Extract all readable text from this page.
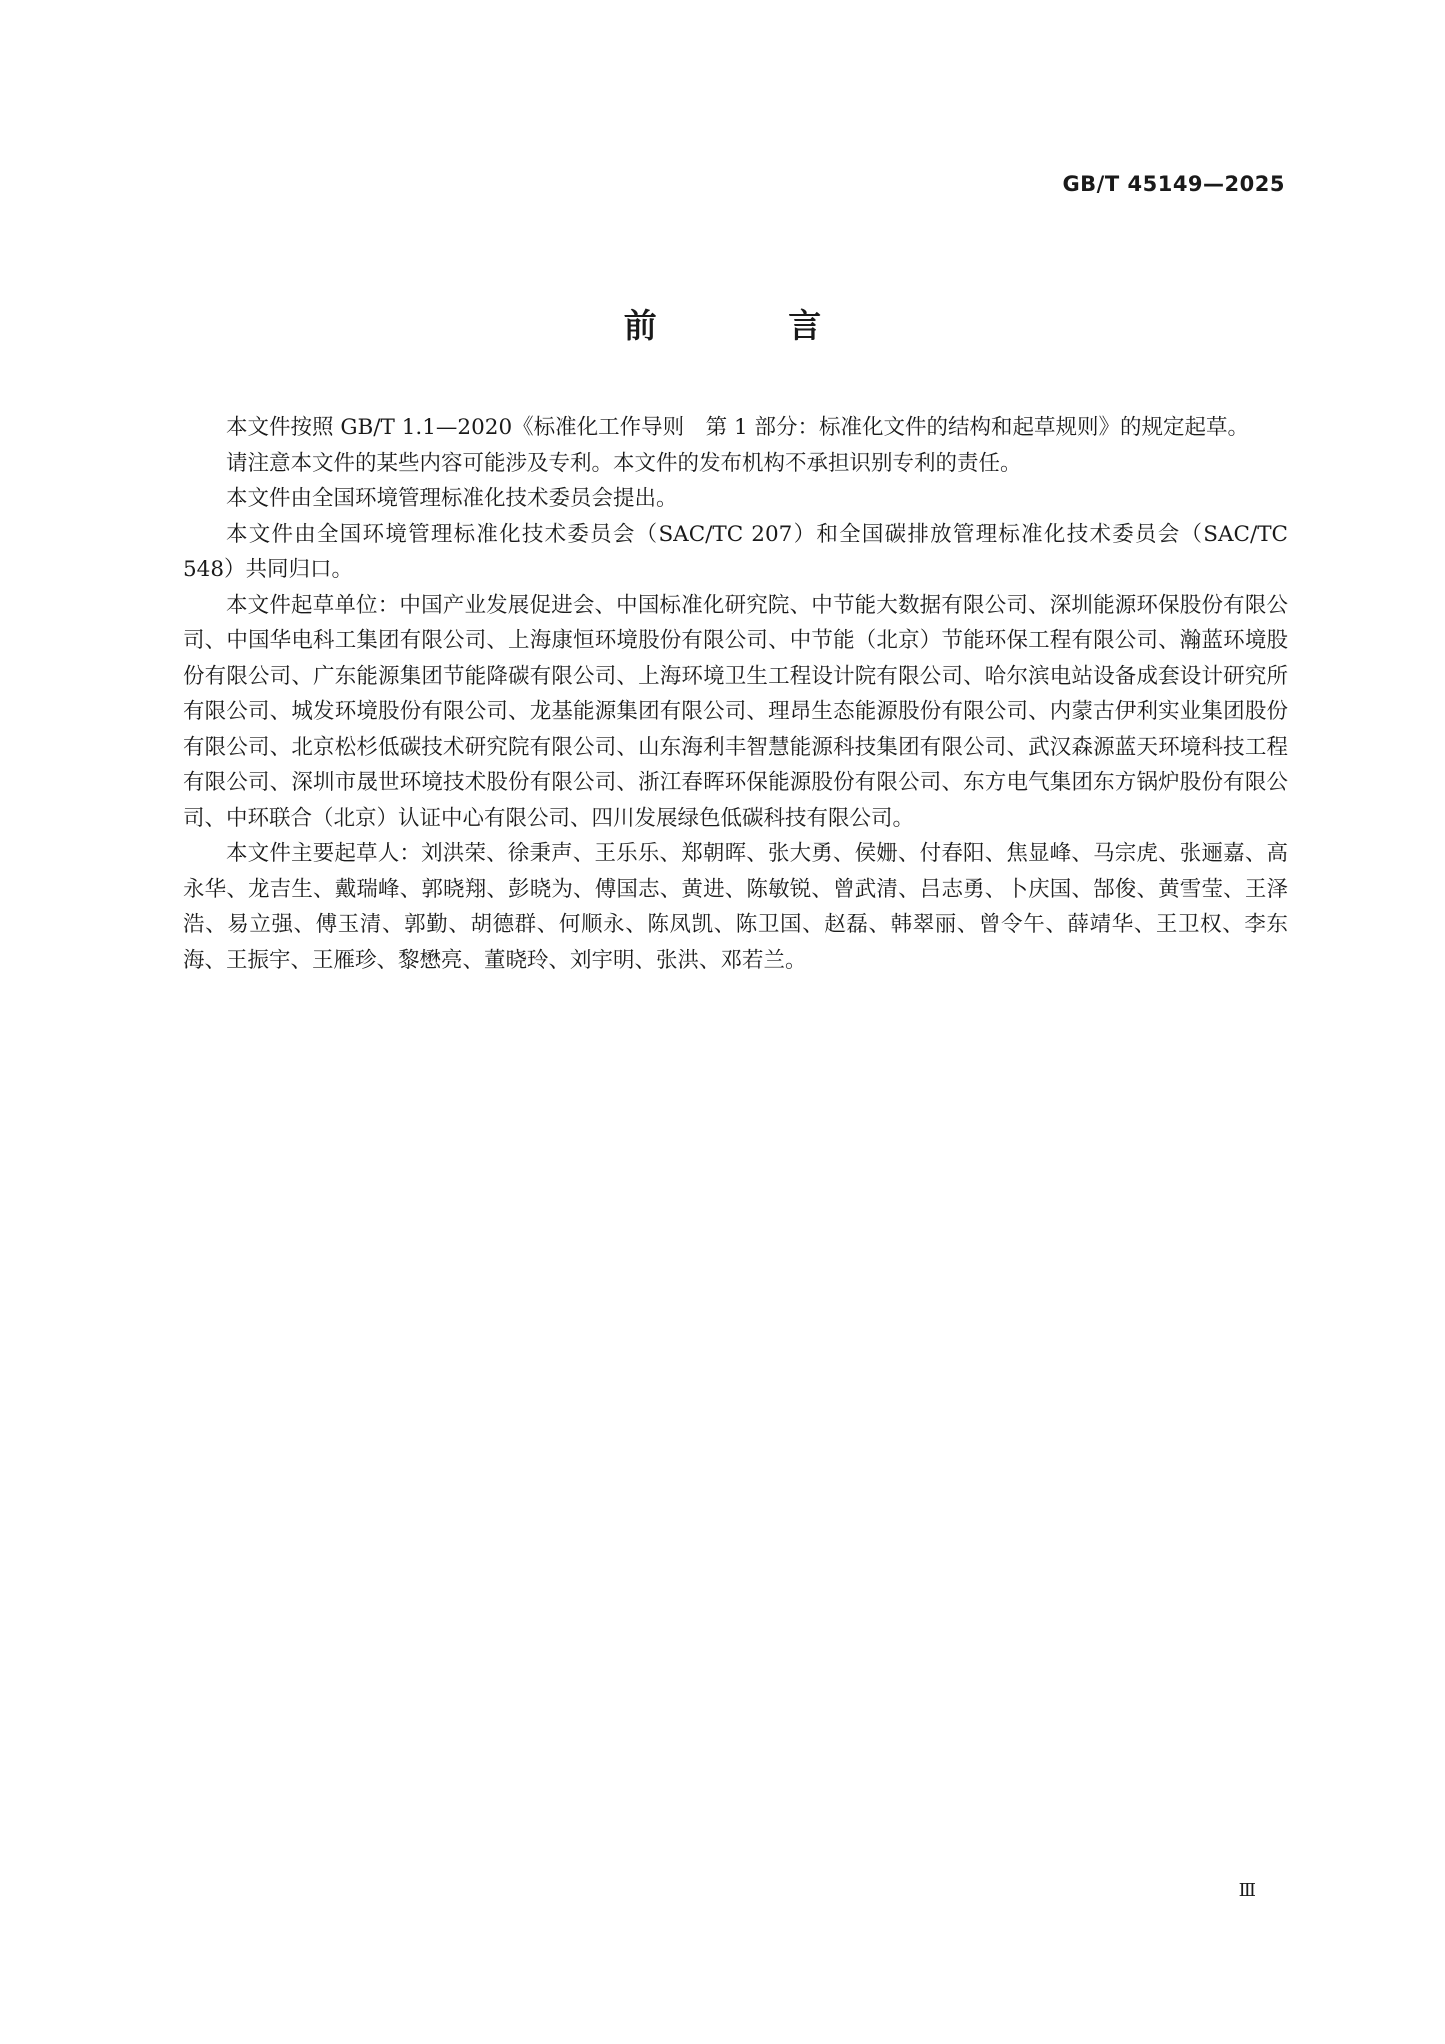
GB/T 45149—2025
前 言

本文件按照 GB/T 1.1—2020《标准化工作导则　第 1 部分：标准化文件的结构和起草规则》的规定起草。

请注意本文件的某些内容可能涉及专利。本文件的发布机构不承担识别专利的责任。

本文件由全国环境管理标准化技术委员会提出。

本文件由全国环境管理标准化技术委员会（SAC/TC 207）和全国碳排放管理标准化技术委员会（SAC/TC 548）共同归口。

本文件起草单位：中国产业发展促进会、中国标准化研究院、中节能大数据有限公司、深圳能源环保股份有限公司、中国华电科工集团有限公司、上海康恒环境股份有限公司、中节能（北京）节能环保工程有限公司、瀚蓝环境股份有限公司、广东能源集团节能降碳有限公司、上海环境卫生工程设计院有限公司、哈尔滨电站设备成套设计研究所有限公司、城发环境股份有限公司、龙基能源集团有限公司、理昂生态能源股份有限公司、内蒙古伊利实业集团股份有限公司、北京松杉低碳技术研究院有限公司、山东海利丰智慧能源科技集团有限公司、武汉森源蓝天环境科技工程有限公司、深圳市晟世环境技术股份有限公司、浙江春晖环保能源股份有限公司、东方电气集团东方锅炉股份有限公司、中环联合（北京）认证中心有限公司、四川发展绿色低碳科技有限公司。

本文件主要起草人：刘洪荣、徐秉声、王乐乐、郑朝晖、张大勇、侯姗、付春阳、焦显峰、马宗虎、张逦嘉、高永华、龙吉生、戴瑞峰、郭晓翔、彭晓为、傅国志、黄进、陈敏锐、曾武清、吕志勇、卜庆国、郜俊、黄雪莹、王泽浩、易立强、傅玉清、郭勤、胡德群、何顺永、陈凤凯、陈卫国、赵磊、韩翠丽、曾令午、薛靖华、王卫权、李东海、王振宇、王雁珍、黎懋亮、董晓玲、刘宇明、张洪、邓若兰。

Ⅲ
